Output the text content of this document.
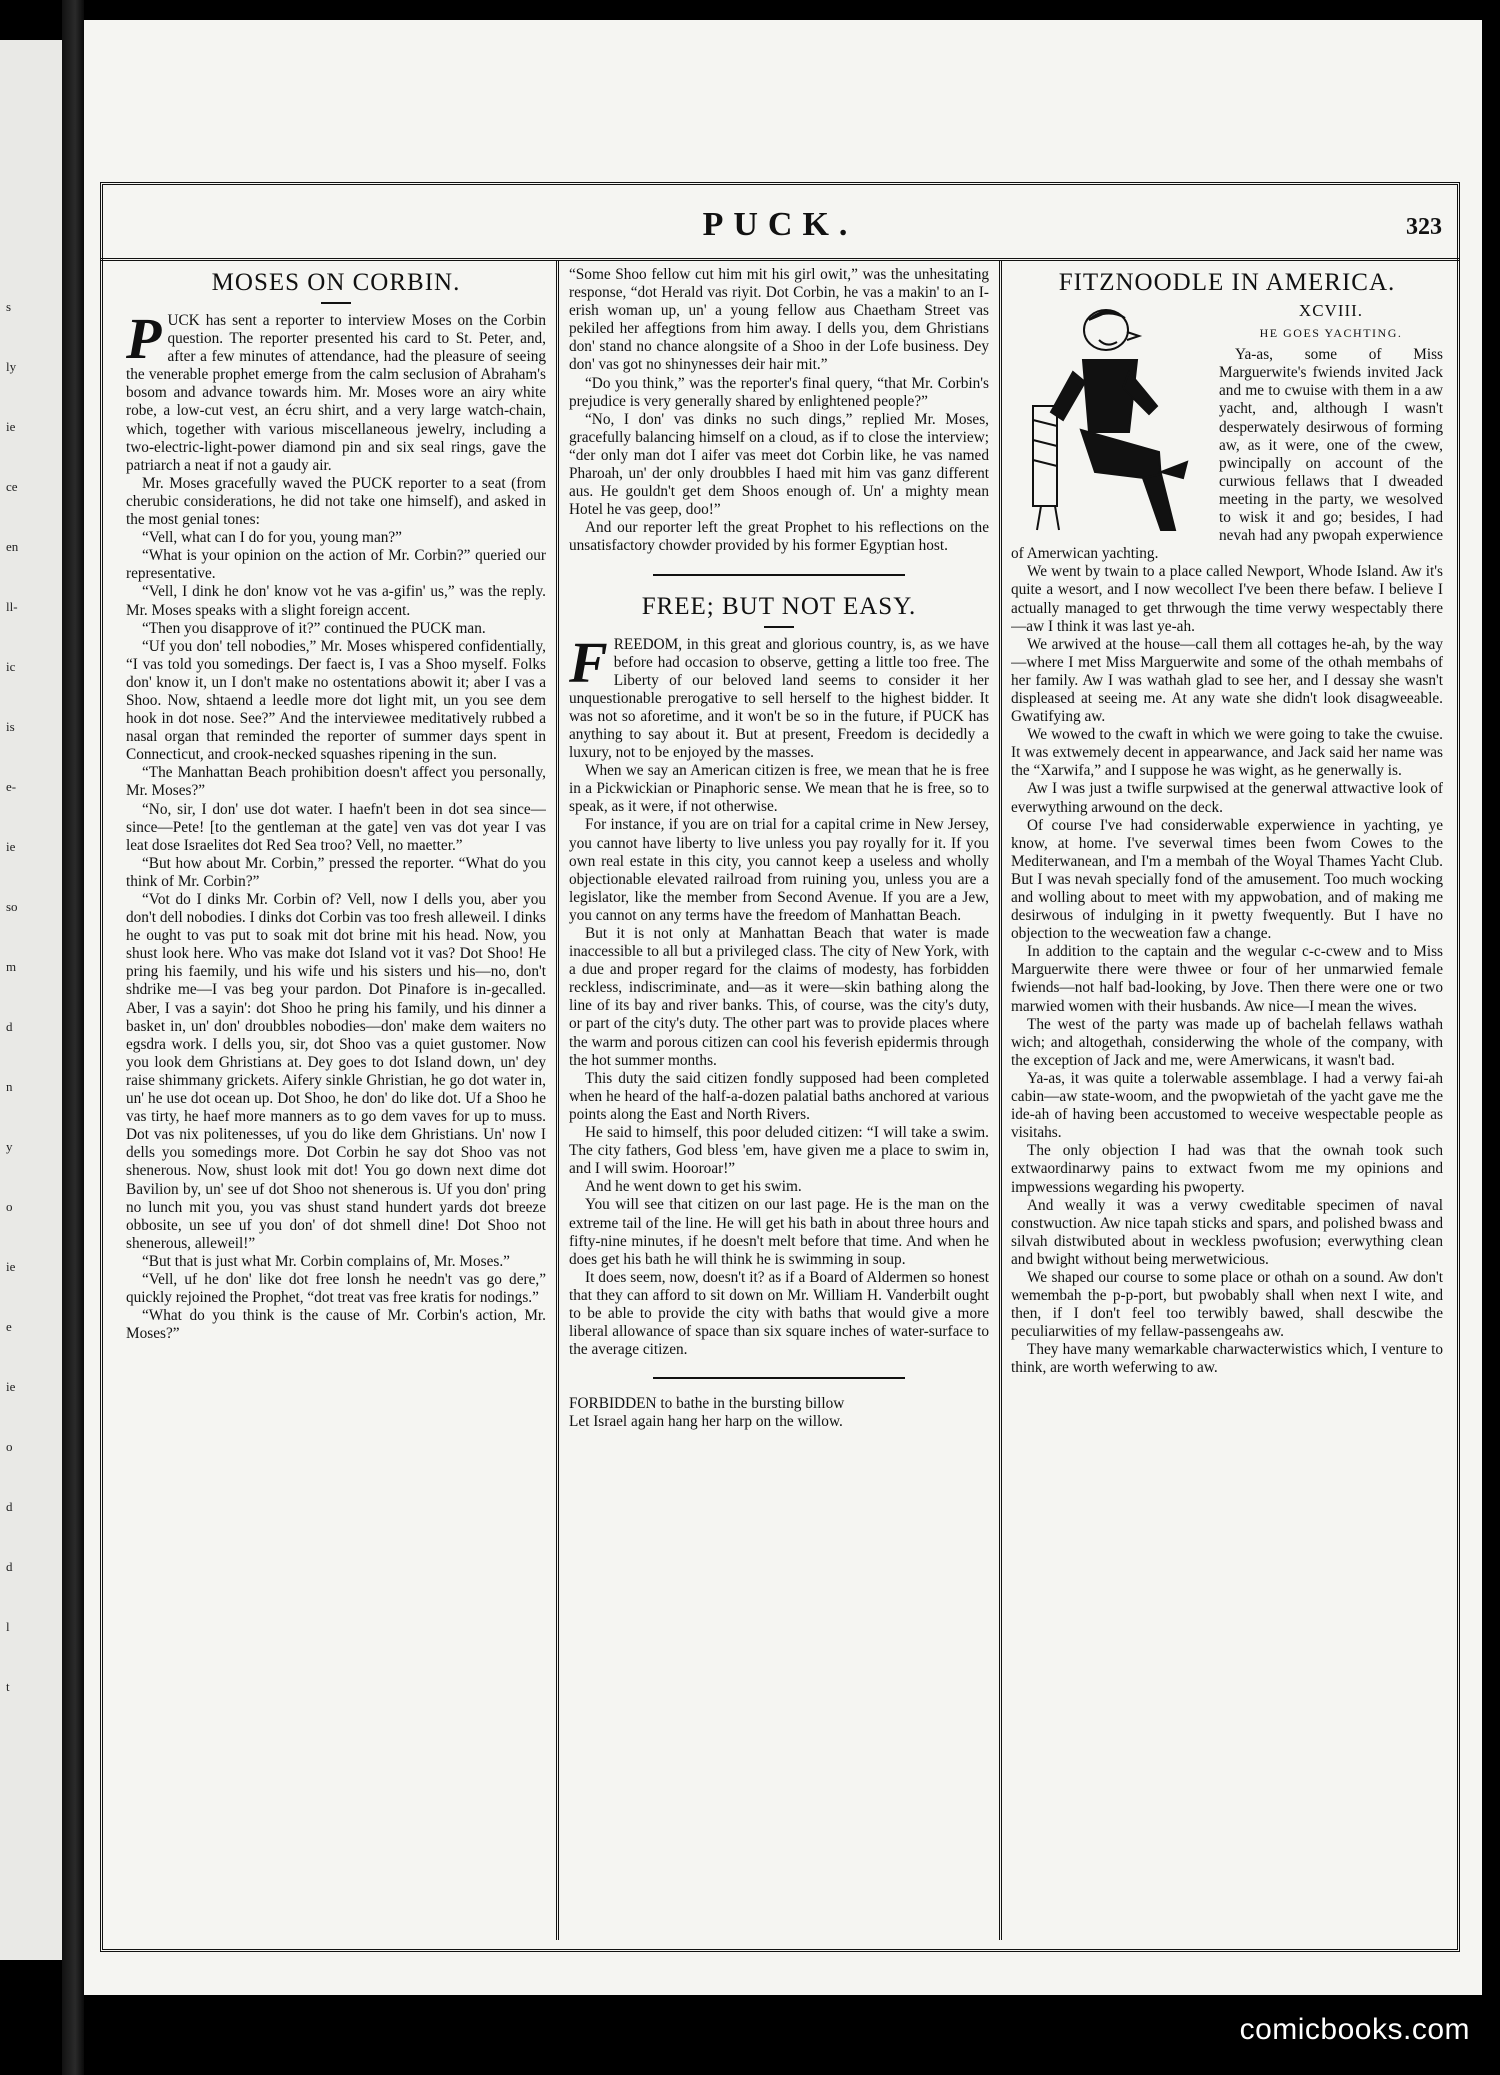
s
ly
ie
ce
en
ll-
ic
is
e-
ie
so
m
d
n
y
o
ie
e
ie
o
d
d
l
t
PUCK.	323
MOSES ON CORBIN.

PUCK has sent a reporter to interview Moses on the Corbin question. The reporter presented his card to St. Peter, and, after a few minutes of attendance, had the pleasure of seeing the venerable prophet emerge from the calm seclusion of Abraham's bosom and advance towards him. Mr. Moses wore an airy white robe, a low-cut vest, an écru shirt, and a very large watch-chain, which, together with various miscellaneous jewelry, including a two-electric-light-power diamond pin and six seal rings, gave the patriarch a neat if not a gaudy air.

Mr. Moses gracefully waved the PUCK reporter to a seat (from cherubic considerations, he did not take one himself), and asked in the most genial tones:

“Vell, what can I do for you, young man?”

“What is your opinion on the action of Mr. Corbin?” queried our representative.

“Vell, I dink he don' know vot he vas a-gifin' us,” was the reply. Mr. Moses speaks with a slight foreign accent.

“Then you disapprove of it?” continued the PUCK man.

“Uf you don' tell nobodies,” Mr. Moses whispered confidentially, “I vas told you somedings. Der faect is, I vas a Shoo myself. Folks don' know it, un I don't make no ostentations abowit it; aber I vas a Shoo. Now, shtaend a leedle more dot light mit, un you see dem hook in dot nose. See?” And the interviewee meditatively rubbed a nasal organ that reminded the reporter of summer days spent in Connecticut, and crook-necked squashes ripening in the sun.

“The Manhattan Beach prohibition doesn't affect you personally, Mr. Moses?”

“No, sir, I don' use dot water. I haefn't been in dot sea since—since—Pete! [to the gentleman at the gate] ven vas dot year I vas leat dose Israelites dot Red Sea troo? Vell, no maetter.”

“But how about Mr. Corbin,” pressed the reporter. “What do you think of Mr. Corbin?”

“Vot do I dinks Mr. Corbin of? Vell, now I dells you, aber you don't dell nobodies. I dinks dot Corbin vas too fresh alleweil. I dinks he ought to vas put to soak mit dot brine mit his head. Now, you shust look here. Who vas make dot Island vot it vas? Dot Shoo! He pring his faemily, und his wife und his sisters und his—no, don't shdrike me—I vas beg your pardon. Dot Pinafore is in-gecalled. Aber, I vas a sayin': dot Shoo he pring his family, und his dinner a basket in, un' don' droubbles nobodies—don' make dem waiters no egsdra work. I dells you, sir, dot Shoo vas a quiet gustomer. Now you look dem Ghristians at. Dey goes to dot Island down, un' dey raise shimmany grickets. Aifery sinkle Ghristian, he go dot water in, un' he use dot ocean up. Dot Shoo, he don' do like dot. Uf a Shoo he vas tirty, he haef more manners as to go dem vaves for up to muss. Dot vas nix politenesses, uf you do like dem Ghristians. Un' now I dells you somedings more. Dot Corbin he say dot Shoo vas not shenerous. Now, shust look mit dot! You go down next dime dot Bavilion by, un' see uf dot Shoo not shenerous is. Uf you don' pring no lunch mit you, you vas shust stand hundert yards dot breeze obbosite, un see uf you don' of dot shmell dine! Dot Shoo not shenerous, alleweil!”

“But that is just what Mr. Corbin complains of, Mr. Moses.”

“Vell, uf he don' like dot free lonsh he needn't vas go dere,” quickly rejoined the Prophet, “dot treat vas free kratis for nodings.”

“What do you think is the cause of Mr. Corbin's action, Mr. Moses?”

“Some Shoo fellow cut him mit his girl owit,” was the unhesitating response, “dot Herald vas riyit. Dot Corbin, he vas a makin' to an I-erish woman up, un' a young fellow aus Chaetham Street vas pekiled her affegtions from him away. I dells you, dem Ghristians don' stand no chance alongsite of a Shoo in der Lofe business. Dey don' vas got no shinynesses deir hair mit.”

“Do you think,” was the reporter's final query, “that Mr. Corbin's prejudice is very generally shared by enlightened people?”

“No, I don' vas dinks no such dings,” replied Mr. Moses, gracefully balancing himself on a cloud, as if to close the interview; “der only man dot I aifer vas meet dot Corbin like, he vas named Pharoah, un' der only droubbles I haed mit him vas ganz different aus. He gouldn't get dem Shoos enough of. Un' a mighty mean Hotel he vas geep, doo!”

And our reporter left the great Prophet to his reflections on the unsatisfactory chowder provided by his former Egyptian host.

FREE; BUT NOT EASY.

FREEDOM, in this great and glorious country, is, as we have before had occasion to observe, getting a little too free. The Liberty of our beloved land seems to consider it her unquestionable prerogative to sell herself to the highest bidder. It was not so aforetime, and it won't be so in the future, if PUCK has anything to say about it. But at present, Freedom is decidedly a luxury, not to be enjoyed by the masses.

When we say an American citizen is free, we mean that he is free in a Pickwickian or Pinaphoric sense. We mean that he is free, so to speak, as it were, if not otherwise.

For instance, if you are on trial for a capital crime in New Jersey, you cannot have liberty to live unless you pay royally for it. If you own real estate in this city, you cannot keep a useless and wholly objectionable elevated railroad from ruining you, unless you are a legislator, like the member from Second Avenue. If you are a Jew, you cannot on any terms have the freedom of Manhattan Beach.

But it is not only at Manhattan Beach that water is made inaccessible to all but a privileged class. The city of New York, with a due and proper regard for the claims of modesty, has forbidden reckless, indiscriminate, and—as it were—skin bathing along the line of its bay and river banks. This, of course, was the city's duty, or part of the city's duty. The other part was to provide places where the warm and porous citizen can cool his feverish epidermis through the hot summer months.

This duty the said citizen fondly supposed had been completed when he heard of the half-a-dozen palatial baths anchored at various points along the East and North Rivers.

He said to himself, this poor deluded citizen: “I will take a swim. The city fathers, God bless 'em, have given me a place to swim in, and I will swim. Hooroar!”

And he went down to get his swim.

You will see that citizen on our last page. He is the man on the extreme tail of the line. He will get his bath in about three hours and fifty-nine minutes, if he doesn't melt before that time. And when he does get his bath he will think he is swimming in soup.

It does seem, now, doesn't it? as if a Board of Aldermen so honest that they can afford to sit down on Mr. William H. Vanderbilt ought to be able to provide the city with baths that would give a more liberal allowance of space than six square inches of water-surface to the average citizen.

FORBIDDEN to bathe in the bursting billow

Let Israel again hang her harp on the willow.

FITZNOODLE IN AMERICA.
XCVIII.
HE GOES YACHTING.

Ya-as, some of Miss Marguerwite's fwiends invited Jack and me to cwuise with them in a aw yacht, and, although I wasn't desperwately desirwous of forming aw, as it were, one of the cwew, pwincipally on account of the curwious fellaws that I dweaded meeting in the party, we wesolved to wisk it and go; besides, I had nevah had any pwopah experwience of Amerwican yachting.

We went by twain to a place called Newport, Whode Island. Aw it's quite a wesort, and I now wecollect I've been there befaw. I believe I actually managed to get thrwough the time verwy wespectably there—aw I think it was last ye-ah.

We arwived at the house—call them all cottages he-ah, by the way—where I met Miss Marguerwite and some of the othah membahs of her family. Aw I was wathah glad to see her, and I dessay she wasn't displeased at seeing me. At any wate she didn't look disagweeable. Gwatifying aw.

We wowed to the cwaft in which we were going to take the cwuise. It was extwemely decent in appearwance, and Jack said her name was the “Xarwifa,” and I suppose he was wight, as he generwally is.

Aw I was just a twifle surpwised at the generwal attwactive look of everwything arwound on the deck.

Of course I've had considerwable experwience in yachting, ye know, at home. I've severwal times been fwom Cowes to the Mediterwanean, and I'm a membah of the Woyal Thames Yacht Club. But I was nevah specially fond of the amusement. Too much wocking and wolling about to meet with my appwobation, and of making me desirwous of indulging in it pwetty fwequently. But I have no objection to the wecweation faw a change.

In addition to the captain and the wegular c-c-cwew and to Miss Marguerwite there were thwee or four of her unmarwied female fwiends—not half bad-looking, by Jove. Then there were one or two marwied women with their husbands. Aw nice—I mean the wives.

The west of the party was made up of bachelah fellaws wathah wich; and altogethah, considerwing the whole of the company, with the exception of Jack and me, were Amerwicans, it wasn't bad.

Ya-as, it was quite a tolerwable assemblage. I had a verwy fai-ah cabin—aw state-woom, and the pwopwietah of the yacht gave me the ide-ah of having been accustomed to weceive wespectable people as visitahs.

The only objection I had was that the ownah took such extwaordinarwy pains to extwact fwom me my opinions and impwessions wegarding his pwoperty.

And weally it was a verwy cweditable specimen of naval constwuction. Aw nice tapah sticks and spars, and polished bwass and silvah distwibuted about in weckless pwofusion; everwything clean and bwight without being merwetwicious.

We shaped our course to some place or othah on a sound. Aw don't wemembah the p-p-port, but pwobably shall when next I wite, and then, if I don't feel too terwibly bawed, shall descwibe the peculiarwities of my fellaw-passengeahs aw.

They have many wemarkable charwacterwistics which, I venture to think, are worth weferwing to aw.

comicbooks.com
